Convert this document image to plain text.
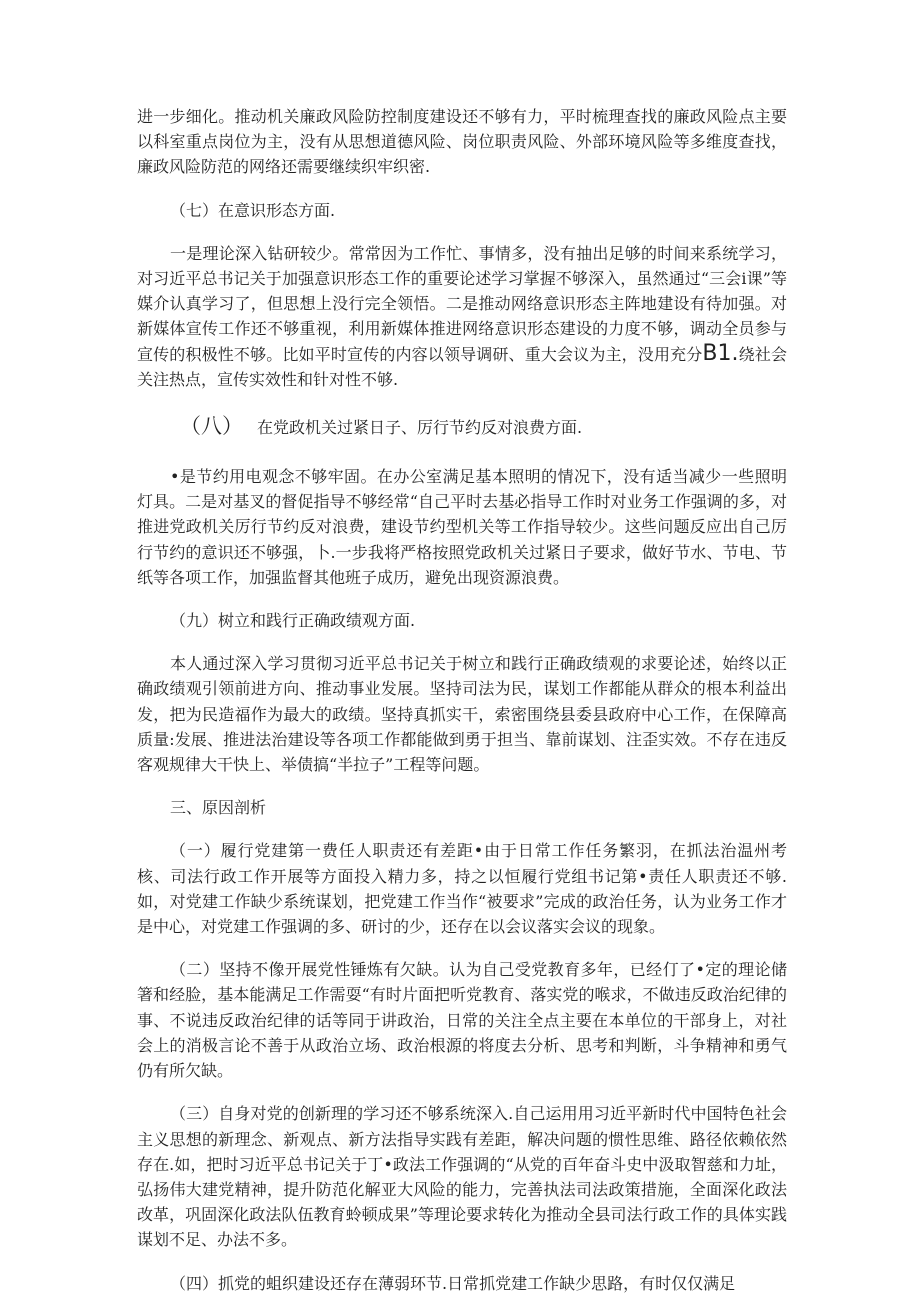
进一步细化。推动机关廉政风险防控制度建设还不够有力，平时梳理查找的廉政风险点主要以科室重点岗位为主，没有从思想道德风险、岗位职责风险、外部环境风险等多维度查找，廉政风险防范的网络还需要继续织牢织密.

（七）在意识形态方面.

一是理论深入钻研较少。常常因为工作忙、事情多，没有抽出足够的时间来系统学习，对习近平总书记关于加强意识形态工作的重要论述学习掌握不够深入，虽然通过“三会i课”等媒介认真学习了，但思想上没行完全领悟。二是推动网络意识形态主阵地建设有待加强。对新媒体宣传工作还不够重视，利用新媒体推进网络意识形态建设的力度不够，调动全员参与宣传的积极性不够。比如平时宣传的内容以领导调研、重大会议为主，没用充分B1.绕社会关注热点，宣传实效性和针对性不够.

（八） 在党政机关过紧日子、厉行节约反对浪费方面.

•是节约用电观念不够牢固。在办公室满足基本照明的情况下，没有适当减少一些照明灯具。二是对基叉的督促指导不够经常“自己平时去基必指导工作时对业务工作强调的多，对推进党政机关厉行节约反对浪费，建设节约型机关等工作指导较少。这些问题反应出自己厉行节约的意识还不够强，卜.一步我将严格按照党政机关过紧日子要求，做好节水、节电、节纸等各项工作，加强监督其他班子成历，避免出现资源浪费。

（九）树立和践行正确政绩观方面.

本人通过深入学习贯彻习近平总书记关于树立和践行正确政绩观的求要论述，始终以正确政绩观引领前进方向、推动事业发展。坚持司法为民，谋划工作都能从群众的根本利益出发，把为民造福作为最大的政绩。坚持真抓实干，索密围绕县委县政府中心工作，在保障高质量:发展、推进法治建设等各项工作都能做到勇于担当、靠前谋划、注歪实效。不存在违反客观规律大干快上、举债搞“半拉子”工程等问题。

三、原因剖析

（一）履行党建第一费任人职责还有差距•由于日常工作任务繁羽，在抓法治温州考核、司法行政工作开展等方面投入精力多，持之以恒履行党组书记第•责任人职责还不够.如，对党建工作缺少系统谋划，把党建工作当作“被要求”完成的政治任务，认为业务工作才是中心，对党建工作强调的多、研讨的少，还存在以会议落实会议的现象。

（二）坚持不像开展党性锤炼有欠缺。认为自己受党教育多年，已经仃了•定的理论储箸和经脸，基本能满足工作需耍“有时片面把听党教育、落实党的喉求，不做违反政治纪律的事、不说违反政治纪律的话等同于讲政治，日常的关注全点主要在本单位的干部身上，对社会上的消极言论不善于从政治立场、政治根源的将度去分析、思考和判断，斗争精神和勇气仍有所欠缺。

（三）自身对党的创新理的学习还不够系统深入.自己运用用习近平新时代中国特色社会主义思想的新理念、新观点、新方法指导实践有差距，解决问题的惯性思维、路径依赖依然存在.如，把时习近平总书记关于丁•政法工作强调的“从党的百年奋斗史中汲取智慈和力址，弘扬伟大建党精神，提升防范化解亚大风险的能力，完善执法司法政策措施，全面深化政法改革，巩固深化政法队伍教育蛉顿成果”等理论要求转化为推动全县司法行政工作的具体实践谋划不足、办法不多。

（四）抓党的蛆织建设还存在薄弱环节.日常抓党建工作缺少思路，有时仅仅满足
